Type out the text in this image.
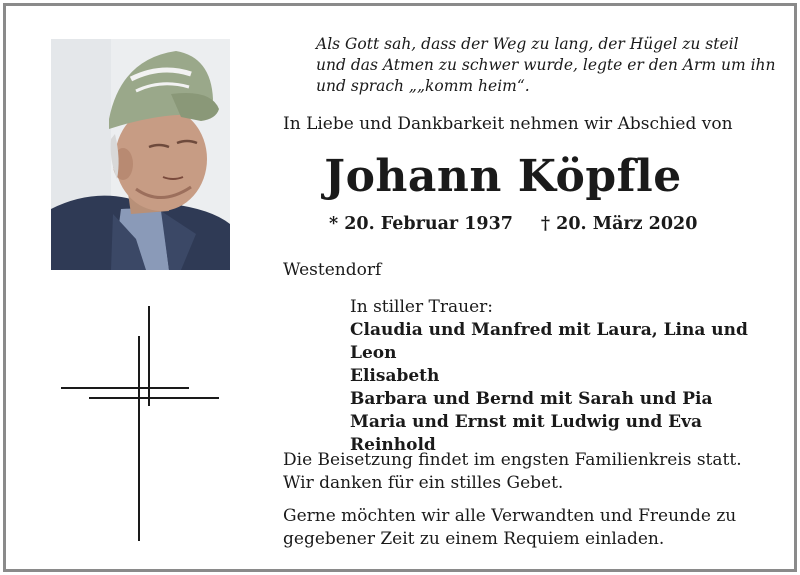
Als Gott sah, dass der Weg zu lang, der Hügel zu steil
und das Atmen zu schwer wurde, legte er den Arm um ihn
und sprach „„komm heim“.
In Liebe und Dankbarkeit nehmen wir Abschied von
Johann Köpfle
* 20. Februar 1937 † 20. März 2020
Westendorf
In stiller Trauer:
Claudia und Manfred mit Laura, Lina und Leon
Elisabeth
Barbara und Bernd mit Sarah und Pia
Maria und Ernst mit Ludwig und Eva
Reinhold
Die Beisetzung findet im engsten Familienkreis statt.
Wir danken für ein stilles Gebet.
Gerne möchten wir alle Verwandten und Freunde zu
gegebener Zeit zu einem Requiem einladen.
